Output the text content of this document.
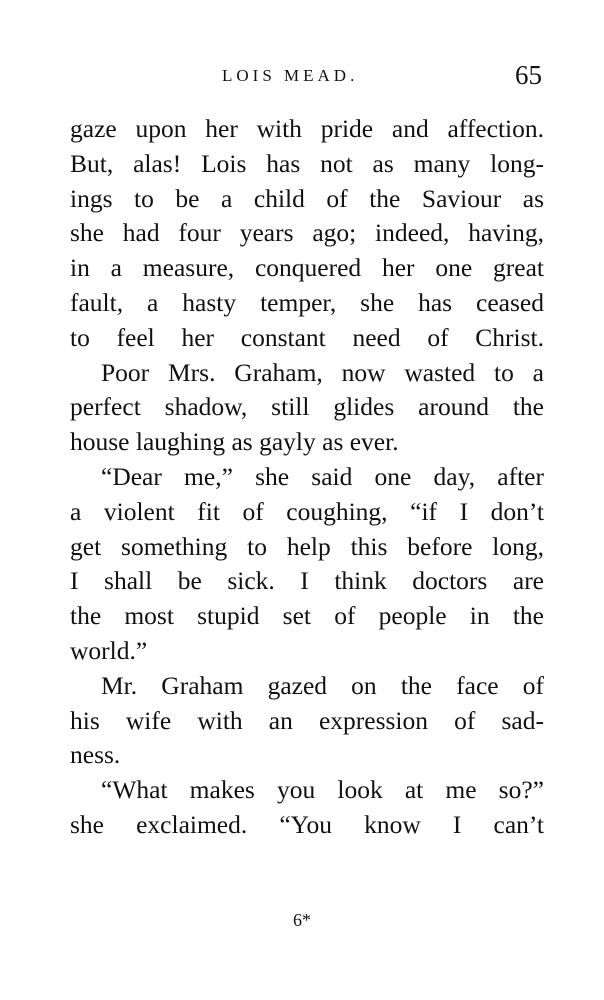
LOIS MEAD.	65
gaze upon her with pride and affection.
But, alas! Lois has not as many long-
ings to be a child of the Saviour as
she had four years ago; indeed, having,
in a measure, conquered her one great
fault, a hasty temper, she has ceased
to feel her constant need of Christ.
Poor Mrs. Graham, now wasted to a
perfect shadow, still glides around the
house laughing as gayly as ever.
“Dear me,” she said one day, after
a violent fit of coughing, “if I don’t
get something to help this before long,
I shall be sick. I think doctors are
the most stupid set of people in the
world.”
Mr. Graham gazed on the face of
his wife with an expression of sad-
ness.
“What makes you look at me so?”
she exclaimed. “You know I can’t
6*
